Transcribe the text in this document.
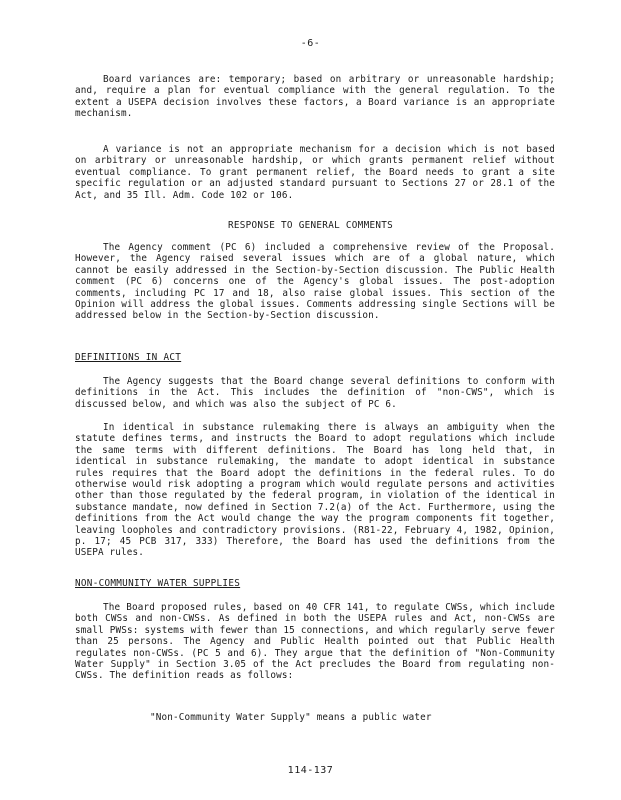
-6-

Board variances are: temporary; based on arbitrary or unreasonable hardship; and, require a plan for eventual compliance with the general regulation. To the extent a USEPA decision involves these factors, a Board variance is an appropriate mechanism.

A variance is not an appropriate mechanism for a decision which is not based on arbitrary or unreasonable hardship, or which grants permanent relief without eventual compliance. To grant permanent relief, the Board needs to grant a site specific regulation or an adjusted standard pursuant to Sections 27 or 28.1 of the Act, and 35 Ill. Adm. Code 102 or 106.

RESPONSE TO GENERAL COMMENTS

The Agency comment (PC 6) included a comprehensive review of the Proposal. However, the Agency raised several issues which are of a global nature, which cannot be easily addressed in the Section-by-Section discussion. The Public Health comment (PC 6) concerns one of the Agency's global issues. The post-adoption comments, including PC 17 and 18, also raise global issues. This section of the Opinion will address the global issues. Comments addressing single Sections will be addressed below in the Section-by-Section discussion.

DEFINITIONS IN ACT

The Agency suggests that the Board change several definitions to conform with definitions in the Act. This includes the definition of "non-CWS", which is discussed below, and which was also the subject of PC 6.

In identical in substance rulemaking there is always an ambiguity when the statute defines terms, and instructs the Board to adopt regulations which include the same terms with different definitions. The Board has long held that, in identical in substance rulemaking, the mandate to adopt identical in substance rules requires that the Board adopt the definitions in the federal rules. To do otherwise would risk adopting a program which would regulate persons and activities other than those regulated by the federal program, in violation of the identical in substance mandate, now defined in Section 7.2(a) of the Act. Furthermore, using the definitions from the Act would change the way the program components fit together, leaving loopholes and contradictory provisions. (R81-22, February 4, 1982, Opinion, p. 17; 45 PCB 317, 333) Therefore, the Board has used the definitions from the USEPA rules.

NON-COMMUNITY WATER SUPPLIES

The Board proposed rules, based on 40 CFR 141, to regulate CWSs, which include both CWSs and non-CWSs. As defined in both the USEPA rules and Act, non-CWSs are small PWSs: systems with fewer than 15 connections, and which regularly serve fewer than 25 persons. The Agency and Public Health pointed out that Public Health regulates non-CWSs. (PC 5 and 6). They argue that the definition of "Non-Community Water Supply" in Section 3.05 of the Act precludes the Board from regulating non-CWSs. The definition reads as follows:

"Non-Community Water Supply" means a public water

114-137
